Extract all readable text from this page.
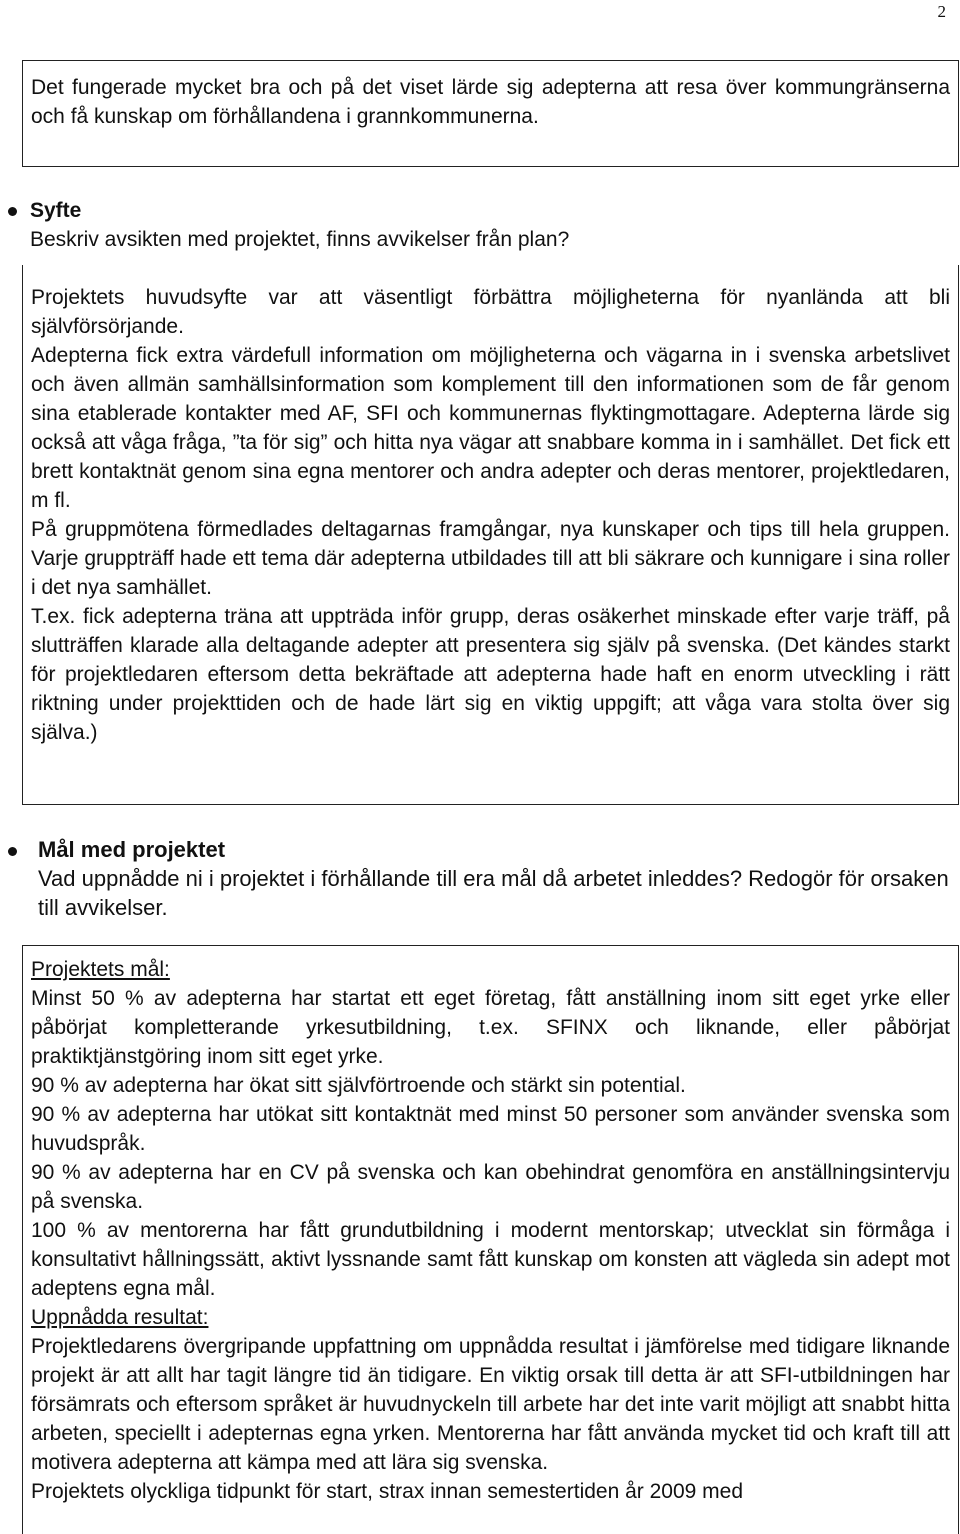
2

Det fungerade mycket bra och på det viset lärde sig adepterna att resa över kommungränserna och få kunskap om förhållandena i grannkommunerna.

Syfte

Beskriv avsikten med projektet, finns avvikelser från plan?

Projektets huvudsyfte var att väsentligt förbättra möjligheterna för nyanlända att bli självförsörjande.

Adepterna fick extra värdefull information om möjligheterna och vägarna in i svenska arbetslivet och även allmän samhällsinformation som komplement till den informationen som de får genom sina etablerade kontakter med AF, SFI och kommunernas flyktingmottagare. Adepterna lärde sig också att våga fråga, ”ta för sig” och hitta nya vägar att snabbare komma in i samhället. Det fick ett brett kontaktnät genom sina egna mentorer och andra adepter och deras mentorer, projektledaren, m fl.

På gruppmötena förmedlades deltagarnas framgångar, nya kunskaper och tips till hela gruppen. Varje gruppträff hade ett tema där adepterna utbildades till att bli säkrare och kunnigare i sina roller i det nya samhället.

T.ex. fick adepterna träna att uppträda inför grupp, deras osäkerhet minskade efter varje träff, på slutträffen klarade alla deltagande adepter att presentera sig själv på svenska. (Det kändes starkt för projektledaren eftersom detta bekräftade att adepterna hade haft en enorm utveckling i rätt riktning under projekttiden och de hade lärt sig en viktig uppgift; att våga vara stolta över sig själva.)

Mål med projektet

Vad uppnådde ni i projektet i förhållande till era mål då arbetet inleddes? Redogör för orsaken till avvikelser.

Projektets mål:

Minst 50 % av adepterna har startat ett eget företag, fått anställning inom sitt eget yrke eller påbörjat kompletterande yrkesutbildning, t.ex. SFINX och liknande, eller påbörjat praktiktjänstgöring inom sitt eget yrke.

90 % av adepterna har ökat sitt självförtroende och stärkt sin potential.

90 % av adepterna har utökat sitt kontaktnät med minst 50 personer som använder svenska som huvudspråk.

90 % av adepterna har en CV på svenska och kan obehindrat genomföra en anställningsintervju på svenska.

100 % av mentorerna har fått grundutbildning i modernt mentorskap; utvecklat sin förmåga i konsultativt hållningssätt, aktivt lyssnande samt fått kunskap om konsten att vägleda sin adept mot adeptens egna mål.

Uppnådda resultat:

Projektledarens övergripande uppfattning om uppnådda resultat i jämförelse med tidigare liknande projekt är att allt har tagit längre tid än tidigare. En viktig orsak till detta är att SFI-utbildningen har försämrats och eftersom språket är huvudnyckeln till arbete har det inte varit möjligt att snabbt hitta arbeten, speciellt i adepternas egna yrken. Mentorerna har fått använda mycket tid och kraft till att motivera adepterna att kämpa med att lära sig svenska.

Projektets olyckliga tidpunkt för start, strax innan semestertiden år 2009 med
